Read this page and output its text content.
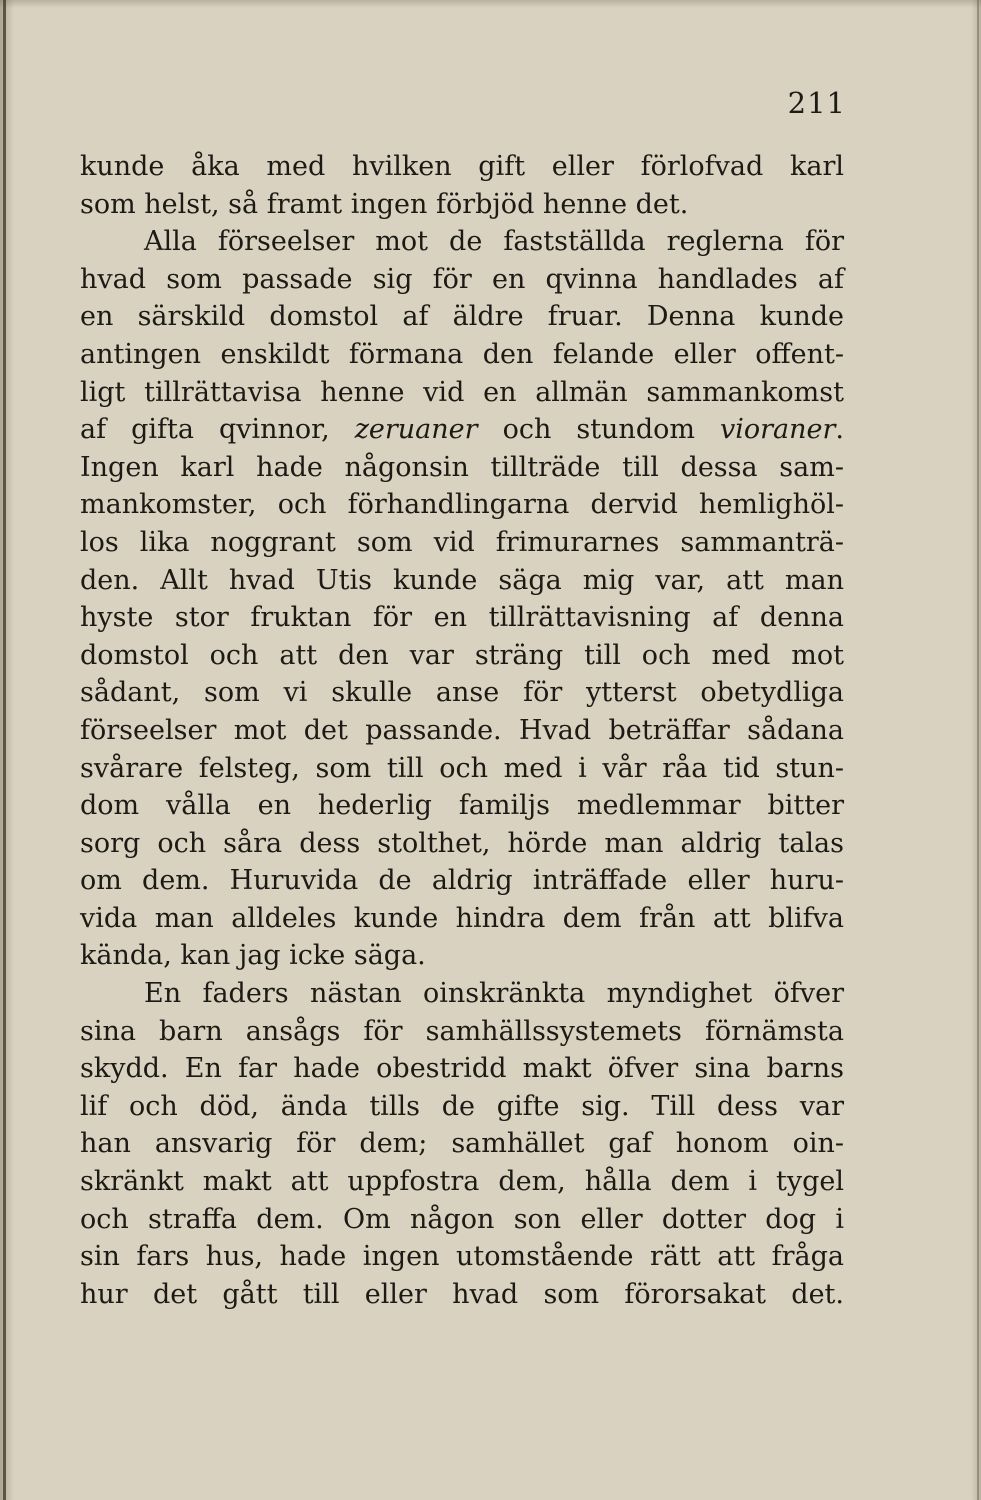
211
kunde åka med hvilken gift eller förlofvad karl
som helst, så framt ingen förbjöd henne det.
Alla förseelser mot de fastställda reglerna för
hvad som passade sig för en qvinna handlades af
en särskild domstol af äldre fruar. Denna kunde
antingen enskildt förmana den felande eller offent-
ligt tillrättavisa henne vid en allmän sammankomst
af gifta qvinnor, zeruaner och stundom vioraner.
Ingen karl hade någonsin tillträde till dessa sam-
mankomster, och förhandlingarna dervid hemlighöl-
los lika noggrant som vid frimurarnes sammanträ-
den. Allt hvad Utis kunde säga mig var, att man
hyste stor fruktan för en tillrättavisning af denna
domstol och att den var sträng till och med mot
sådant, som vi skulle anse för ytterst obetydliga
förseelser mot det passande. Hvad beträffar sådana
svårare felsteg, som till och med i vår råa tid stun-
dom vålla en hederlig familjs medlemmar bitter
sorg och såra dess stolthet, hörde man aldrig talas
om dem. Huruvida de aldrig inträffade eller huru-
vida man alldeles kunde hindra dem från att blifva
kända, kan jag icke säga.
En faders nästan oinskränkta myndighet öfver
sina barn ansågs för samhällssystemets förnämsta
skydd. En far hade obestridd makt öfver sina barns
lif och död, ända tills de gifte sig. Till dess var
han ansvarig för dem; samhället gaf honom oin-
skränkt makt att uppfostra dem, hålla dem i tygel
och straffa dem. Om någon son eller dotter dog i
sin fars hus, hade ingen utomstående rätt att fråga
hur det gått till eller hvad som förorsakat det.
